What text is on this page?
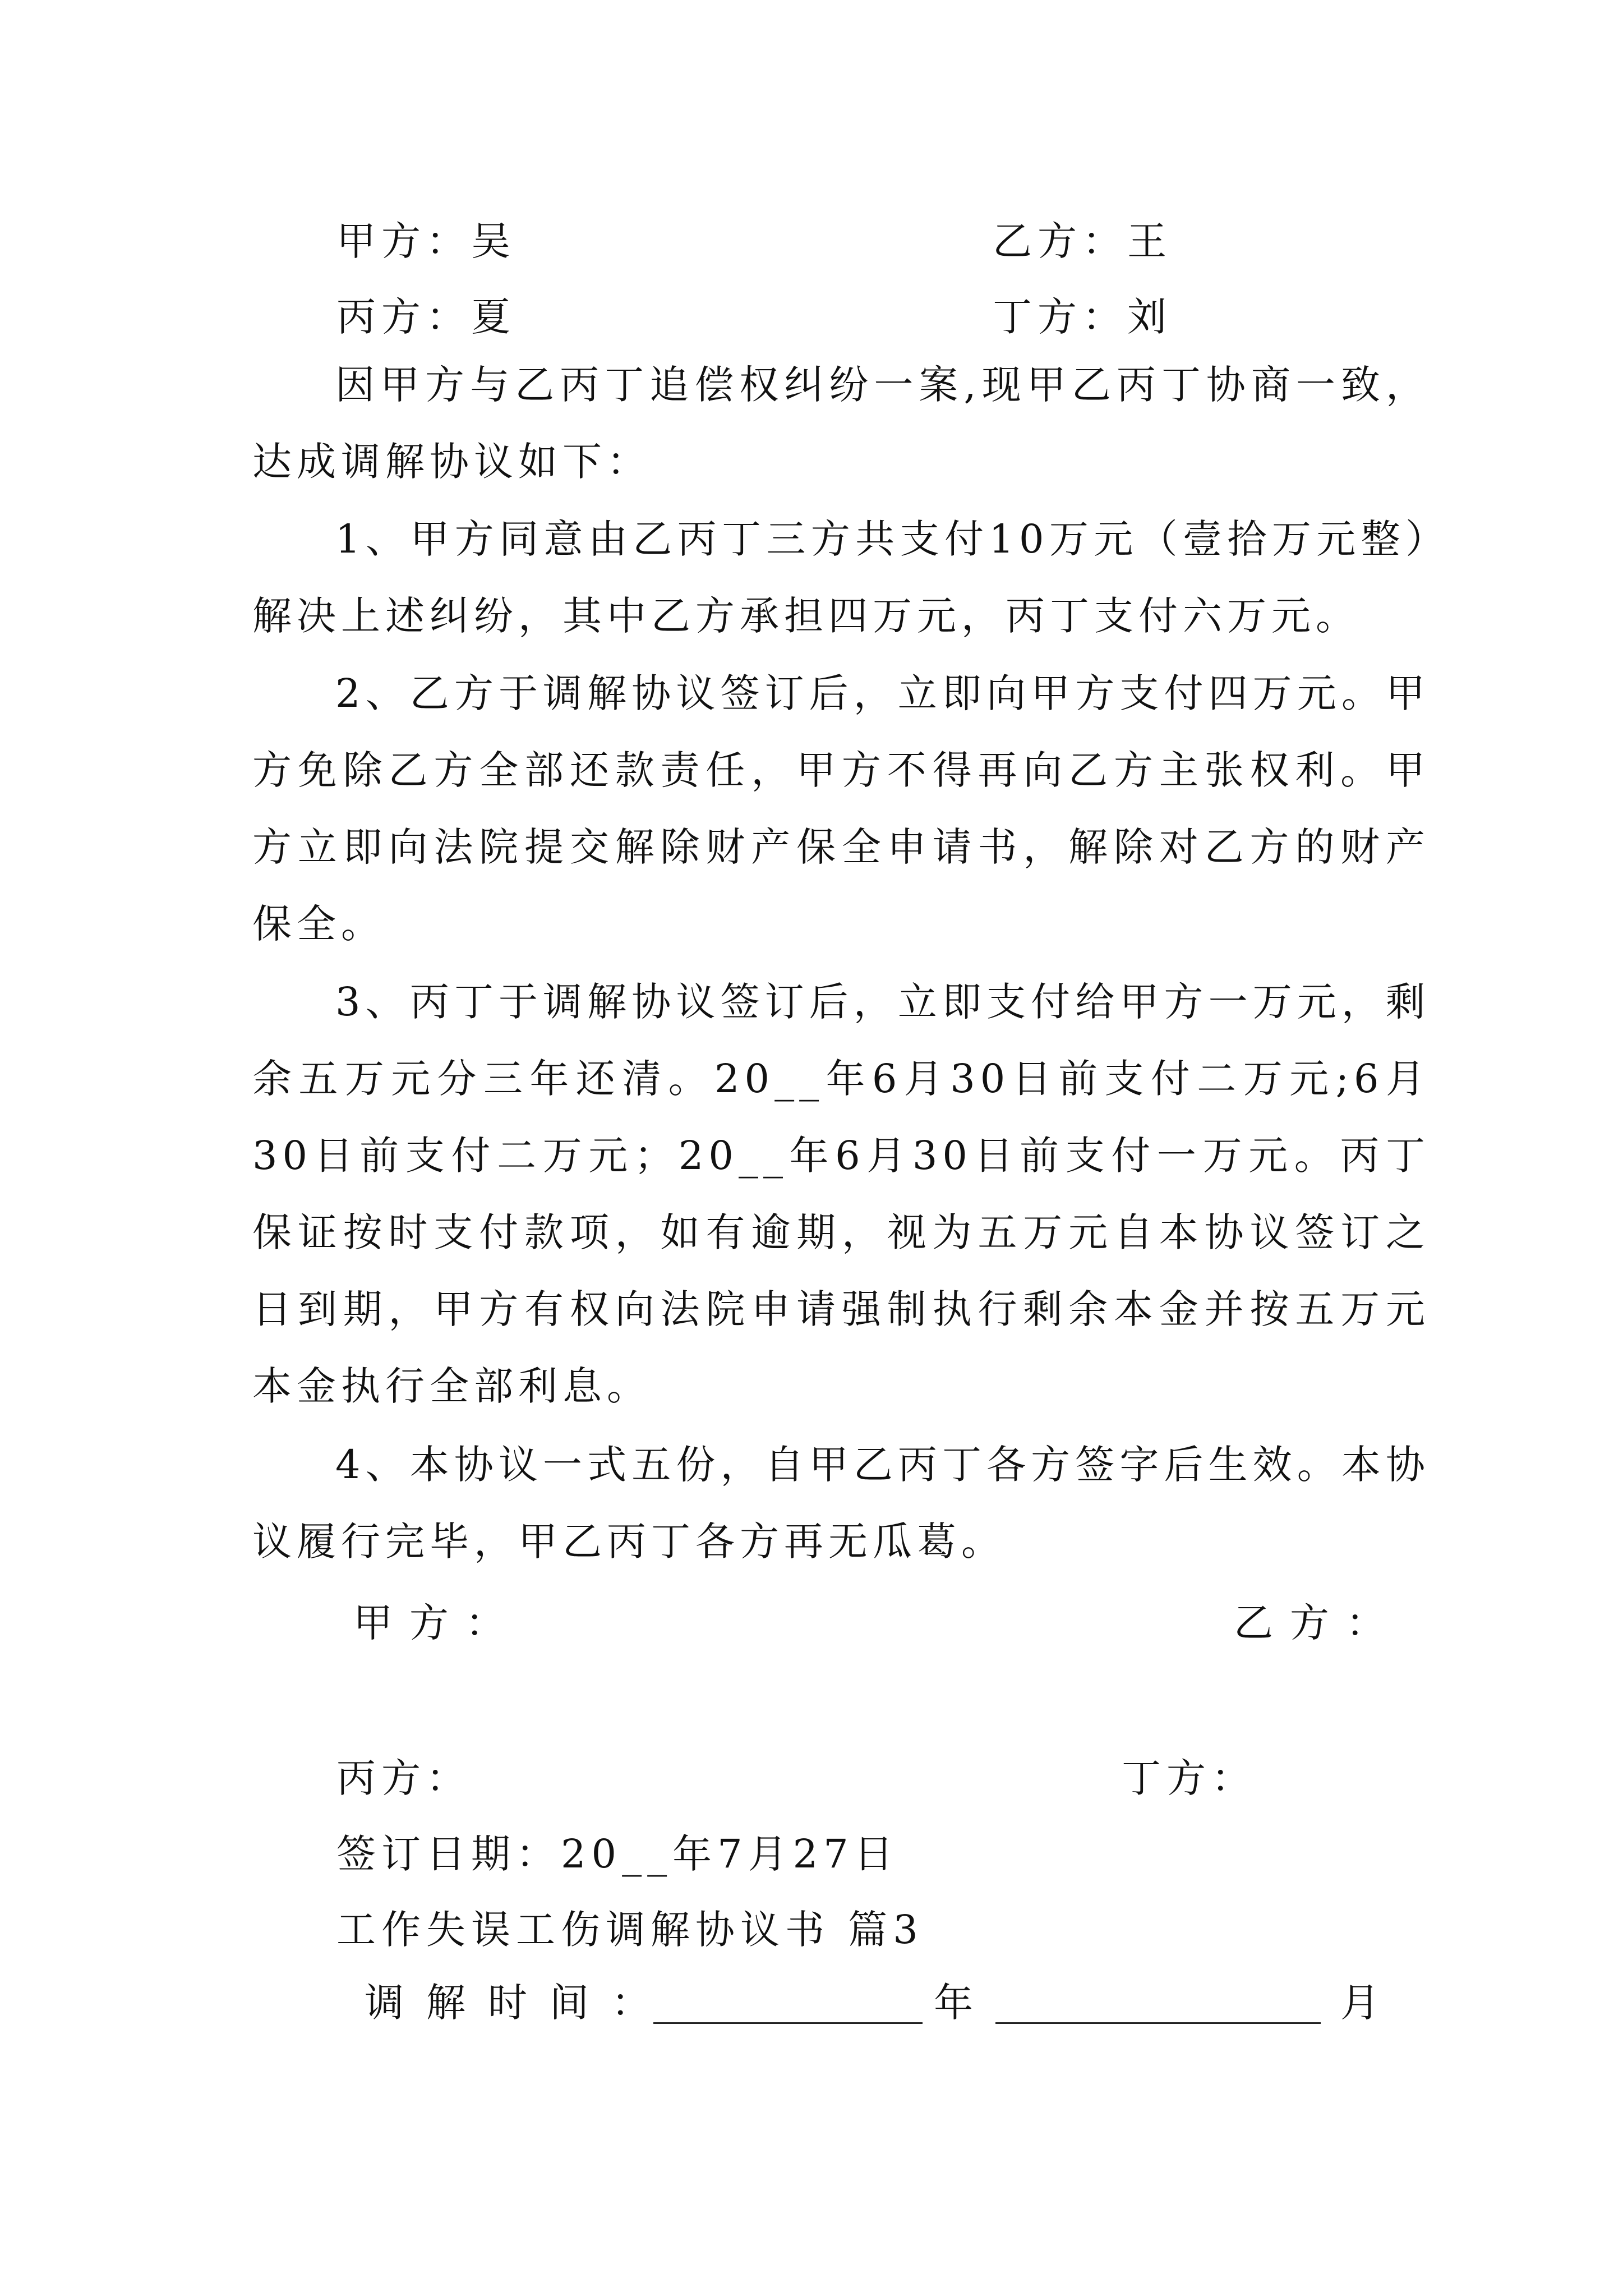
甲方：吴	乙方：王
丙方：夏	丁方：刘

因甲方与乙丙丁追偿权纠纷一案,现甲乙丙丁协商一致，达成调解协议如下：

1、甲方同意由乙丙丁三方共支付10万元（壹拾万元整）解决上述纠纷，其中乙方承担四万元，丙丁支付六万元。

2、乙方于调解协议签订后，立即向甲方支付四万元。甲方免除乙方全部还款责任，甲方不得再向乙方主张权利。甲方立即向法院提交解除财产保全申请书，解除对乙方的财产保全。

3、丙丁于调解协议签订后，立即支付给甲方一万元，剩余五万元分三年还清。20__年6月30日前支付二万元;6月30日前支付二万元；20__年6月30日前支付一万元。丙丁保证按时支付款项，如有逾期，视为五万元自本协议签订之日到期，甲方有权向法院申请强制执行剩余本金并按五万元本金执行全部利息。

4、本协议一式五份，自甲乙丙丁各方签字后生效。本协议履行完毕，甲乙丙丁各方再无瓜葛。

甲方：	乙方：
丙方：	丁方：
签订日期：20__年7月27日
工作失误工伤调解协议书 篇3
调解时间：	年	月
